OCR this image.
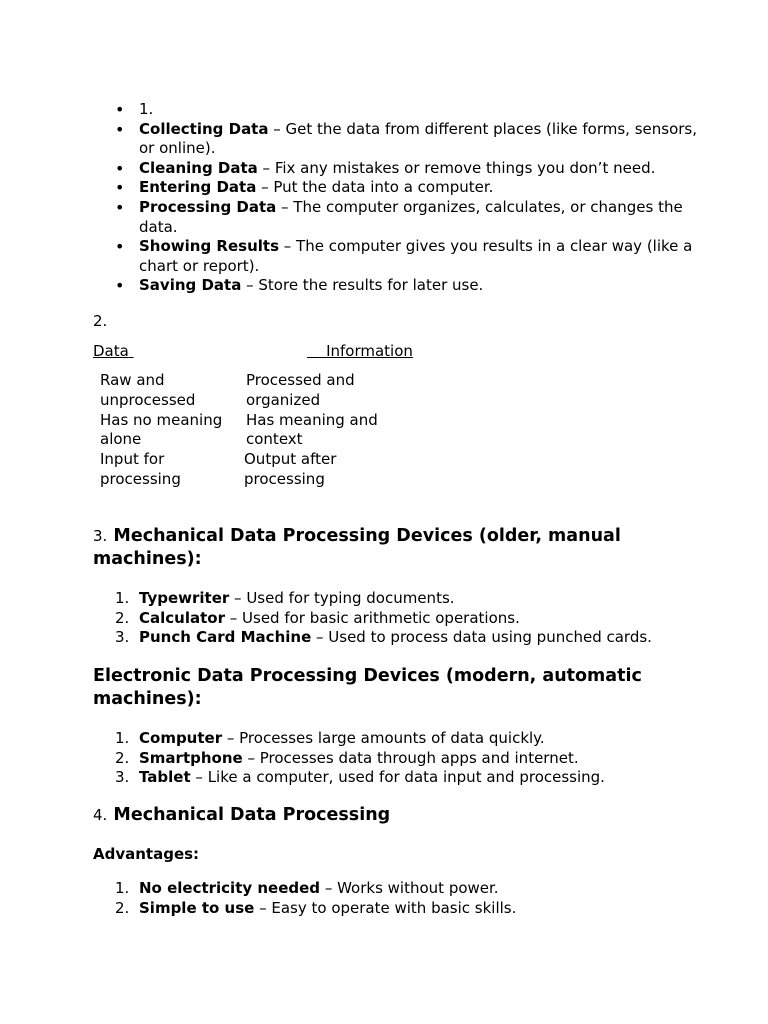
• 1.
• Collecting Data – Get the data from different places (like forms, sensors, or online).
• Cleaning Data – Fix any mistakes or remove things you don’t need.
• Entering Data – Put the data into a computer.
• Processing Data – The computer organizes, calculates, or changes the data.
• Showing Results – The computer gives you results in a clear way (like a chart or report).
• Saving Data – Store the results for later use.
2.
Data	Information
Raw and unprocessed
Processed and organized
Has no meaning alone
Has meaning and context
Input for processing
Output after processing
3. Mechanical Data Processing Devices (older, manual machines):
1. Typewriter – Used for typing documents.
2. Calculator – Used for basic arithmetic operations.
3. Punch Card Machine – Used to process data using punched cards.
Electronic Data Processing Devices (modern, automatic machines):
1. Computer – Processes large amounts of data quickly.
2. Smartphone – Processes data through apps and internet.
3. Tablet – Like a computer, used for data input and processing.
4. Mechanical Data Processing
Advantages:
1. No electricity needed – Works without power.
2. Simple to use – Easy to operate with basic skills.
